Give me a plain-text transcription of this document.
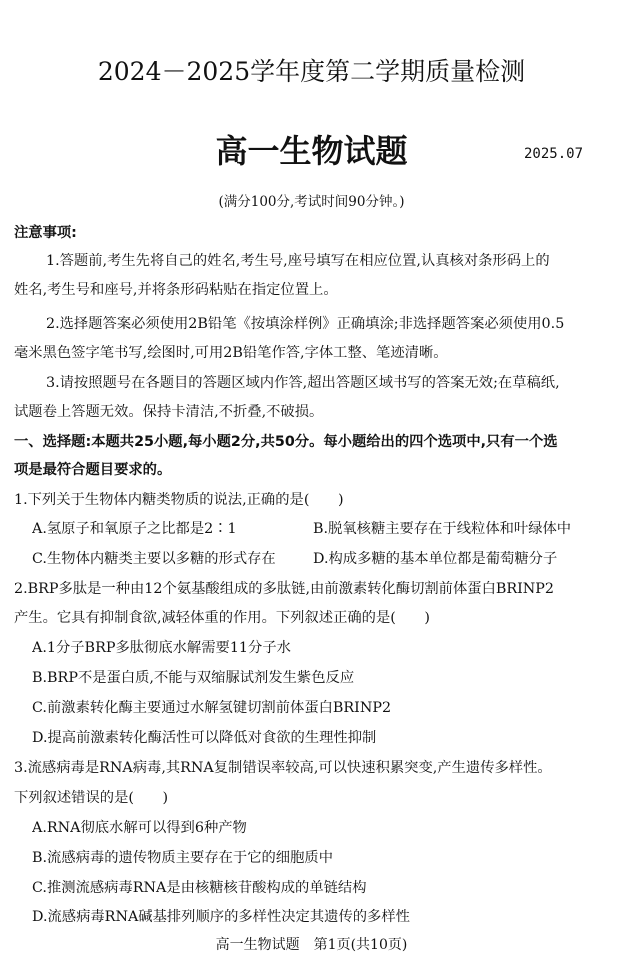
2024－2025学年度第二学期质量检测
高一生物试题	2025.07
(满分100分,考试时间90分钟。)
注意事项:
1.答题前,考生先将自己的姓名,考生号,座号填写在相应位置,认真核对条形码上的
姓名,考生号和座号,并将条形码粘贴在指定位置上。
2.选择题答案必须使用2B铅笔《按填涂样例》正确填涂;非选择题答案必须使用0.5
毫米黑色签字笔书写,绘图时,可用2B铅笔作答,字体工整、笔迹清晰。
3.请按照题号在各题目的答题区域内作答,超出答题区域书写的答案无效;在草稿纸,
试题卷上答题无效。保持卡清洁,不折叠,不破损。
一、选择题:本题共25小题,每小题2分,共50分。每小题给出的四个选项中,只有一个选
项是最符合题目要求的。
1.下列关于生物体内糖类物质的说法,正确的是(　　)
A.氢原子和氧原子之比都是2∶1	B.脱氧核糖主要存在于线粒体和叶绿体中
C.生物体内糖类主要以多糖的形式存在	D.构成多糖的基本单位都是葡萄糖分子
2.BRP多肽是一种由12个氨基酸组成的多肽链,由前激素转化酶切割前体蛋白BRINP2
产生。它具有抑制食欲,减轻体重的作用。下列叙述正确的是(　　)
A.1分子BRP多肽彻底水解需要11分子水
B.BRP不是蛋白质,不能与双缩脲试剂发生紫色反应
C.前激素转化酶主要通过水解氢键切割前体蛋白BRINP2
D.提高前激素转化酶活性可以降低对食欲的生理性抑制
3.流感病毒是RNA病毒,其RNA复制错误率较高,可以快速积累突变,产生遗传多样性。
下列叙述错误的是(　　)
A.RNA彻底水解可以得到6种产物
B.流感病毒的遗传物质主要存在于它的细胞质中
C.推测流感病毒RNA是由核糖核苷酸构成的单链结构
D.流感病毒RNA碱基排列顺序的多样性决定其遗传的多样性
高一生物试题　第1页(共10页)
